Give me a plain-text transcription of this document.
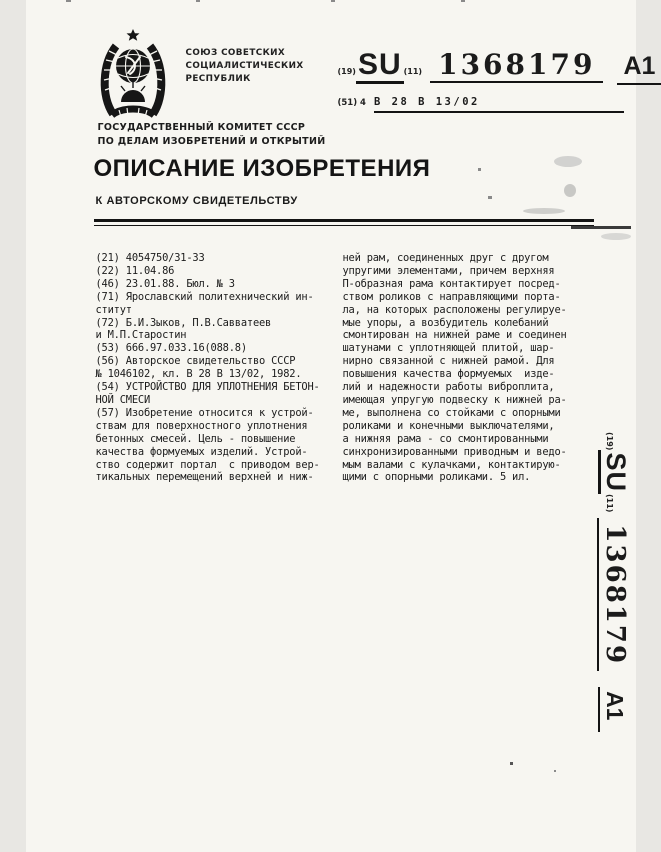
СОЮЗ СОВЕТСКИХ
СОЦИАЛИСТИЧЕСКИХ
РЕСПУБЛИК
ГОСУДАРСТВЕННЫЙ КОМИТЕТ СССР
ПО ДЕЛАМ ИЗОБРЕТЕНИЙ И ОТКРЫТИЙ
(19) SU (11) 1368179	A1
(51) 4 В 28 В 13/02
ОПИСАНИЕ ИЗОБРЕТЕНИЯ
К АВТОРСКОМУ СВИДЕТЕЛЬСТВУ
(21) 4054750/31-33
(22) 11.04.86
(46) 23.01.88. Бюл. № 3
(71) Ярославский политехнический ин-
ститут
(72) Б.И.Зыков, П.В.Савватеев
и М.П.Старостин
(53) 666.97.033.16(088.8)
(56) Авторское свидетельство СССР
№ 1046102, кл. В 28 В 13/02, 1982.
(54) УСТРОЙСТВО ДЛЯ УПЛОТНЕНИЯ БЕТОН-
НОЙ СМЕСИ
(57) Изобретение относится к устрой-
ствам для поверхностного уплотнения
бетонных смесей. Цель - повышение
качества формуемых изделий. Устрой-
ство содержит портал  с приводом вер-
тикальных перемещений верхней и ниж-
ней рам, соединенных друг с другом
упругими элементами, причем верхняя
П-образная рама контактирует посред-
ством роликов с направляющими порта-
ла, на которых расположены регулируе-
мые упоры, а возбудитель колебаний
смонтирован на нижней раме и соединен
шатунами с уплотняющей плитой, шар-
нирно связанной с нижней рамой. Для
повышения качества формуемых  изде-
лий и надежности работы виброплита,
имеющая упругую подвеску к нижней ра-
ме, выполнена со стойками с опорными
роликами и конечными выключателями,
а нижняя рама - со смонтированными
синхронизированными приводным и ведо-
мым валами с кулачками, контактирую-
щими с опорными роликами. 5 ил.
(19)
SU
(11)
1368179
A1
